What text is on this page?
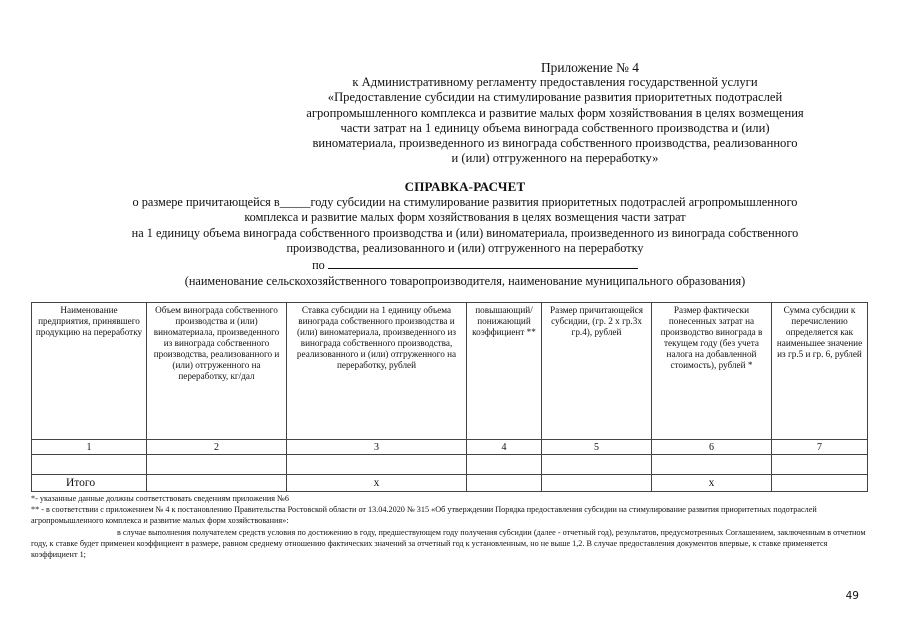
Приложение № 4
к Административному регламенту предоставления государственной услуги
«Предоставление субсидии на стимулирование развития приоритетных подотраслей
агропромышленного комплекса и развитие малых форм хозяйствования в целях возмещения
части затрат на 1 единицу объема винограда собственного производства и (или)
виноматериала, произведенного из винограда собственного производства, реализованного
и (или) отгруженного на переработку»
СПРАВКА-РАСЧЕТ
о размере причитающейся в_____году субсидии на стимулирование развития приоритетных подотраслей агропромышленного
комплекса и развитие малых форм хозяйствования в целях возмещения части затрат
на 1 единицу объема винограда собственного производства и (или) виноматериала, произведенного из винограда собственного
производства, реализованного и (или) отгруженного на переработку
по
(наименование сельскохозяйственного товаропроизводителя, наименование муниципального образования)
Наименование предприятия, принявшего продукцию на переработку	Объем винограда собственного производства и (или) виноматериала, произведенного из винограда собственного производства, реализованного и (или) отгруженного на переработку, кг/дал	Ставка субсидии на 1 единицу объема винограда собственного производства и (или) виноматериала, произведенного из винограда собственного производства, реализованного и (или) отгруженного на переработку, рублей	повышающий/ понижающий коэффициент **	Размер причитающейся субсидии, (гр. 2 х гр.3х гр.4), рублей	Размер фактически понесенных затрат на производство винограда в текущем году (без учета налога на добавленной стоимость), рублей *	Сумма субсидии к перечислению определяется как наименьшее значение из гр.5 и гр. 6, рублей
1	2	3	4	5	6	7

Итого		x			x	

*- указанные данные должны соответствовать сведениям приложения №6

** - в соответствии с приложением № 4 к постановлению Правительства Ростовской области от 13.04.2020 № 315 «Об утверждении Порядка предоставления субсидии на стимулирование развития приоритетных подотраслей агропромышленного комплекса и развитие малых форм хозяйствования»:

в случае выполнения получателем средств условия по достижению в году, предшествующем году получения субсидии (далее - отчетный год), результатов, предусмотренных Соглашением, заключенным в отчетном году, к ставке будет применен коэффициент в размере, равном среднему отношению фактических значений за отчетный год к установленным, но не выше 1,2. В случае предоставления документов впервые, к ставке применяется коэффициент 1;

49
